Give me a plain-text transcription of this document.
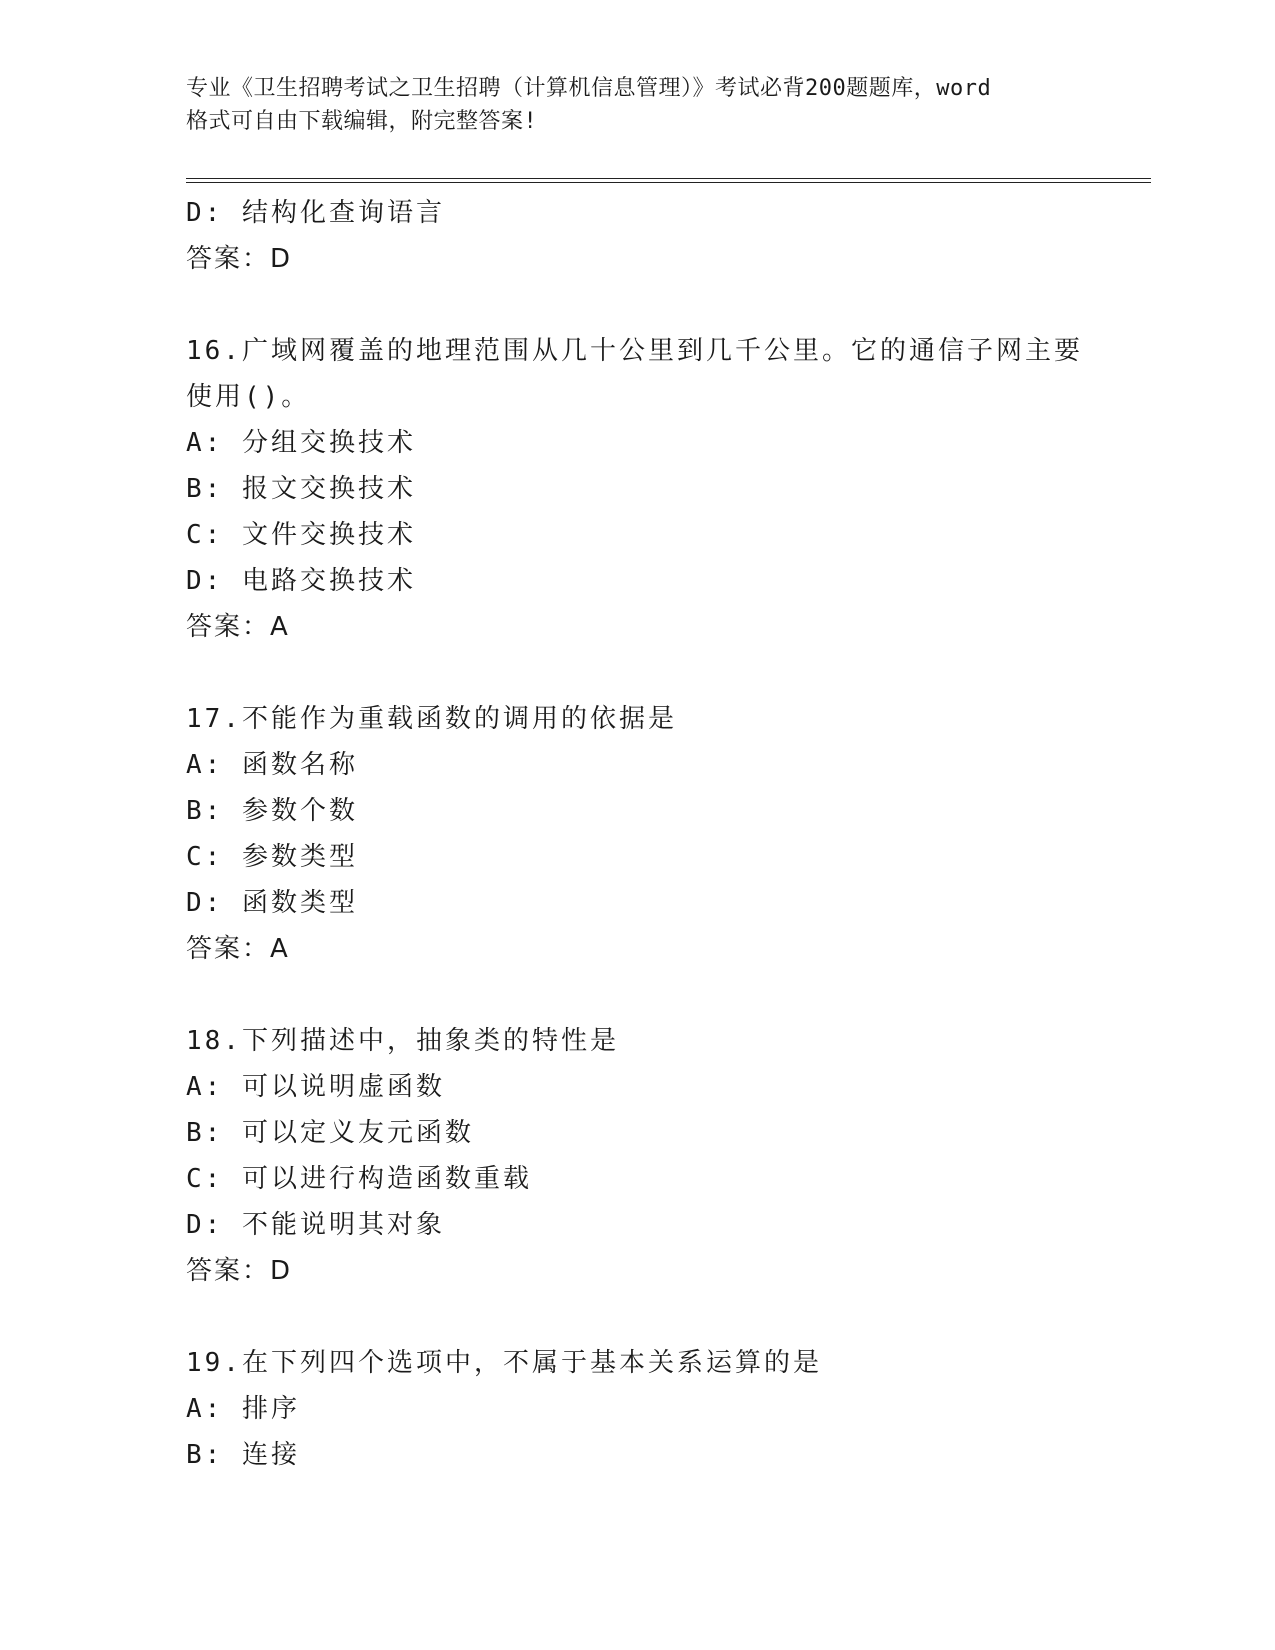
专业《卫生招聘考试之卫生招聘（计算机信息管理）》考试必背200题题库，word
格式可自由下载编辑，附完整答案!
D: 结构化查询语言
答案：D
16.广域网覆盖的地理范围从几十公里到几千公里。它的通信子网主要
使用()。
A: 分组交换技术
B: 报文交换技术
C: 文件交换技术
D: 电路交换技术
答案：A
17.不能作为重载函数的调用的依据是
A: 函数名称
B: 参数个数
C: 参数类型
D: 函数类型
答案：A
18.下列描述中，抽象类的特性是
A: 可以说明虚函数
B: 可以定义友元函数
C: 可以进行构造函数重载
D: 不能说明其对象
答案：D
19.在下列四个选项中，不属于基本关系运算的是
A: 排序
B: 连接
